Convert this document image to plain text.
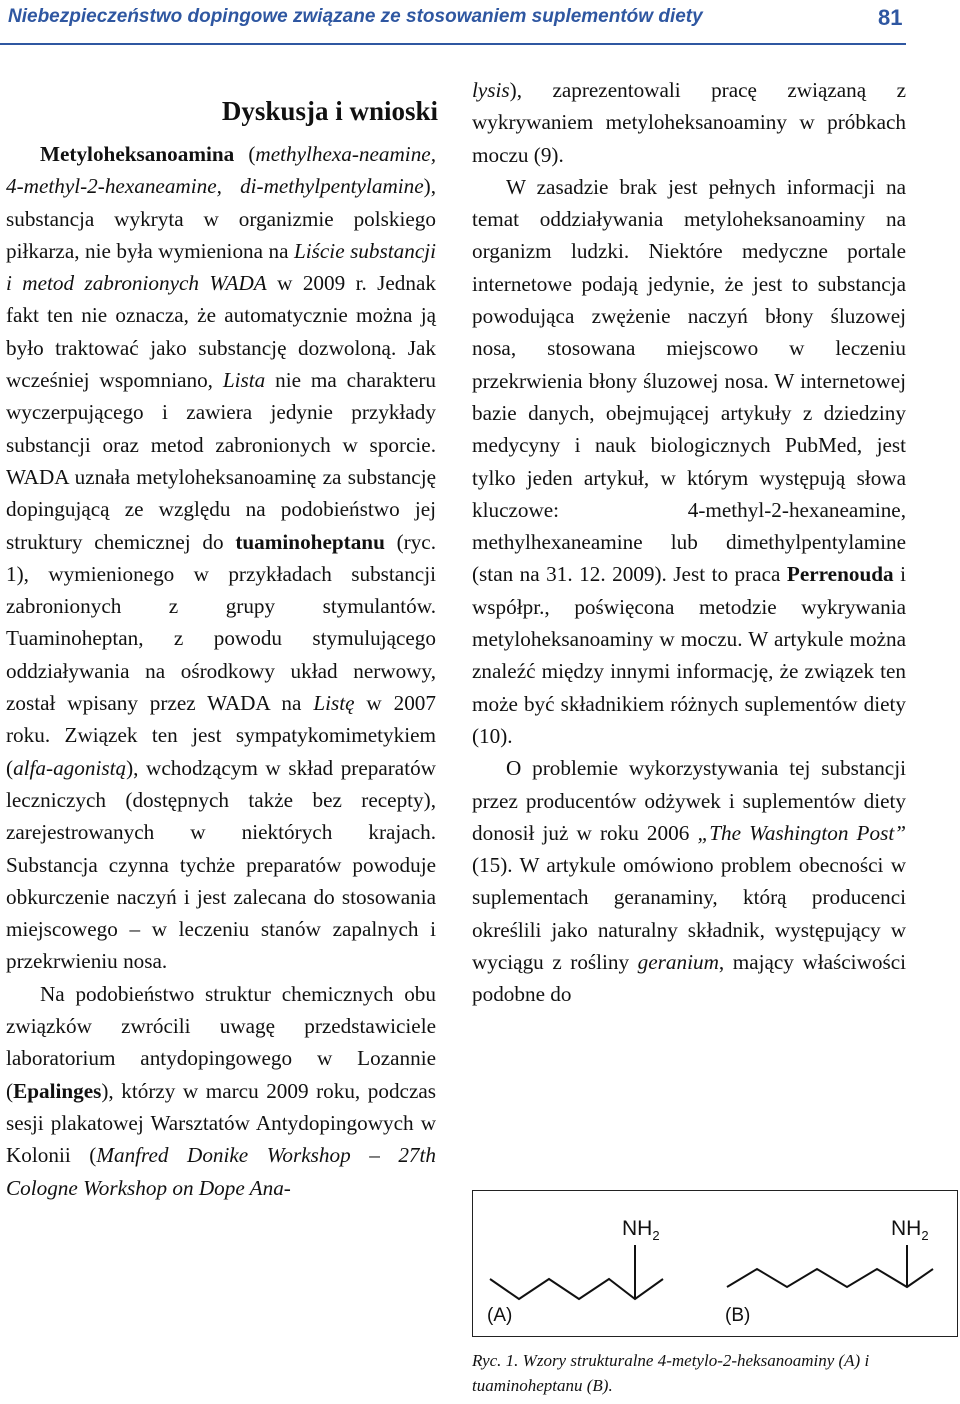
Niebezpieczeństwo dopingowe związane ze stosowaniem suplementów diety	81
Dyskusja i wnioski

Metyloheksanoamina (methylhexa-neamine, 4-methyl-2-hexaneamine, di-methylpentylamine), substancja wykryta w organizmie polskiego piłkarza, nie była wymieniona na Liście substancji i metod zabronionych WADA w 2009 r. Jednak fakt ten nie oznacza, że automatycznie można ją było traktować jako substancję dozwoloną. Jak wcześniej wspomniano, Lista nie ma charakteru wyczerpującego i zawiera jedynie przykłady substancji oraz metod zabronionych w sporcie. WADA uznała metyloheksanoaminę za substancję dopingującą ze względu na podobieństwo jej struktury chemicznej do tuaminoheptanu (ryc. 1), wymienionego w przykładach substancji zabronionych z grupy stymulantów. Tuaminoheptan, z powodu stymulującego oddziaływania na ośrodkowy układ nerwowy, został wpisany przez WADA na Listę w 2007 roku. Związek ten jest sympatykomimetykiem (alfa-agonistą), wchodzącym w skład preparatów leczniczych (dostępnych także bez recepty), zarejestrowanych w niektórych krajach. Substancja czynna tychże preparatów powoduje obkurczenie naczyń i jest zalecana do stosowania miejscowego – w leczeniu stanów zapalnych i przekrwieniu nosa.

Na podobieństwo struktur chemicznych obu związków zwrócili uwagę przedstawiciele laboratorium antydopingowego w Lozannie (Epalinges), którzy w marcu 2009 roku, podczas sesji plakatowej Warsztatów Antydopingowych w Kolonii (Manfred Donike Workshop – 27th Cologne Workshop on Dope Ana-

lysis), zaprezentowali pracę związaną z wykrywaniem metyloheksanoaminy w próbkach moczu (9).

W zasadzie brak jest pełnych informacji na temat oddziaływania metyloheksanoaminy na organizm ludzki. Niektóre medyczne portale internetowe podają jedynie, że jest to substancja powodująca zwężenie naczyń błony śluzowej nosa, stosowana miejscowo w leczeniu przekrwienia błony śluzowej nosa. W internetowej bazie danych, obejmującej artykuły z dziedziny medycyny i nauk biologicznych PubMed, jest tylko jeden artykuł, w którym występują słowa kluczowe: 4-methyl-2-hexaneamine, methylhexaneamine lub dimethylpentylamine (stan na 31. 12. 2009). Jest to praca Perrenouda i współpr., poświęcona metodzie wykrywania metyloheksanoaminy w moczu. W artykule można znaleźć między innymi informację, że związek ten może być składnikiem różnych suplementów diety (10).

O problemie wykorzystywania tej substancji przez producentów odżywek i suplementów diety donosił już w roku 2006 „The Washington Post” (15). W artykule omówiono problem obecności w suplementach geranaminy, którą producenci określili jako naturalny składnik, występujący w wyciągu z rośliny geranium, mający właściwości podobne do

$NH_2$	$NH_2$
(A)	(B)
Ryc. 1. Wzory strukturalne 4-metylo-2-heksanoaminy (A) i tuaminoheptanu (B).
